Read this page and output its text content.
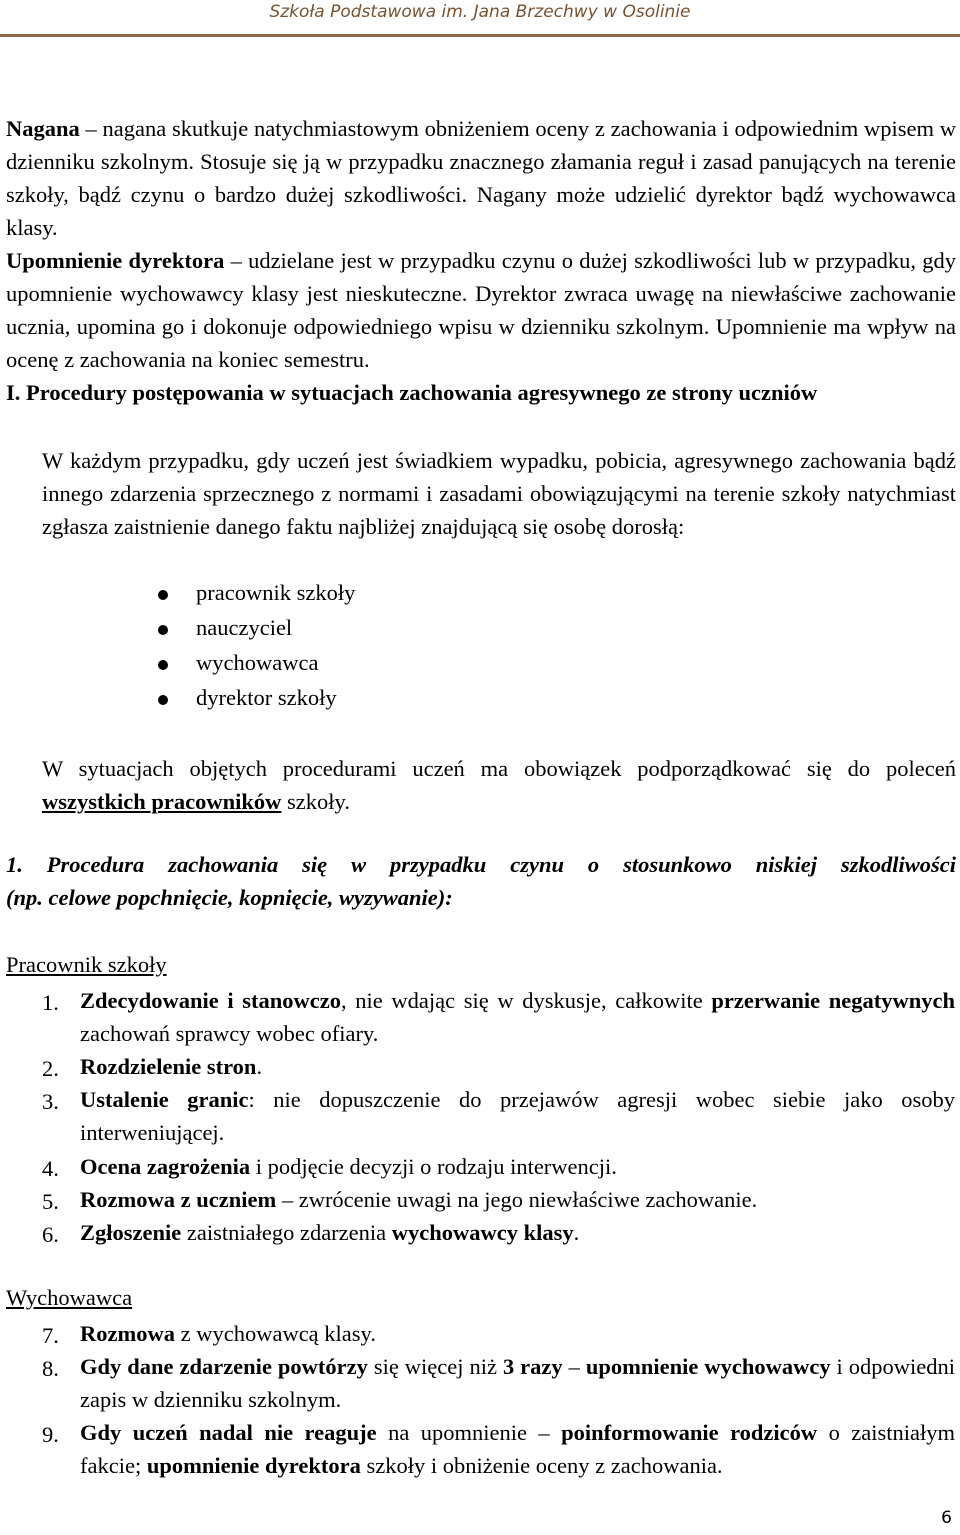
Szkoła Podstawowa im. Jana Brzechwy w Osolinie
Nagana – nagana skutkuje natychmiastowym obniżeniem oceny z zachowania i odpowiednim wpisem w dzienniku szkolnym. Stosuje się ją w przypadku znacznego złamania reguł i zasad panujących na terenie szkoły, bądź czynu o bardzo dużej szkodliwości. Nagany może udzielić dyrektor bądź wychowawca klasy.
Upomnienie dyrektora – udzielane jest w przypadku czynu o dużej szkodliwości lub w przypadku, gdy upomnienie wychowawcy klasy jest nieskuteczne. Dyrektor zwraca uwagę na niewłaściwe zachowanie ucznia, upomina go i dokonuje odpowiedniego wpisu w dzienniku szkolnym. Upomnienie ma wpływ na ocenę z zachowania na koniec semestru.
I. Procedury postępowania w sytuacjach zachowania agresywnego ze strony uczniów
W każdym przypadku, gdy uczeń jest świadkiem wypadku, pobicia, agresywnego zachowania bądź innego zdarzenia sprzecznego z normami i zasadami obowiązującymi na terenie szkoły natychmiast zgłasza zaistnienie danego faktu najbliżej znajdującą się osobę dorosłą:
pracownik szkoły
nauczyciel
wychowawca
dyrektor szkoły
W sytuacjach objętych procedurami uczeń ma obowiązek podporządkować się do poleceń wszystkich pracowników szkoły.
1. Procedura zachowania się w przypadku czynu o stosunkowo niskiej szkodliwości
(np. celowe popchnięcie, kopnięcie, wyzywanie):
Pracownik szkoły
1. Zdecydowanie i stanowczo, nie wdając się w dyskusje, całkowite przerwanie negatywnych zachowań sprawcy wobec ofiary.
2. Rozdzielenie stron.
3. Ustalenie granic: nie dopuszczenie do przejawów agresji wobec siebie jako osoby interweniującej.
4. Ocena zagrożenia i podjęcie decyzji o rodzaju interwencji.
5. Rozmowa z uczniem – zwrócenie uwagi na jego niewłaściwe zachowanie.
6. Zgłoszenie zaistniałego zdarzenia wychowawcy klasy.
Wychowawca
7. Rozmowa z wychowawcą klasy.
8. Gdy dane zdarzenie powtórzy się więcej niż 3 razy – upomnienie wychowawcy i odpowiedni zapis w dzienniku szkolnym.
9. Gdy uczeń nadal nie reaguje na upomnienie – poinformowanie rodziców o zaistniałym fakcie; upomnienie dyrektora szkoły i obniżenie oceny z zachowania.
6
